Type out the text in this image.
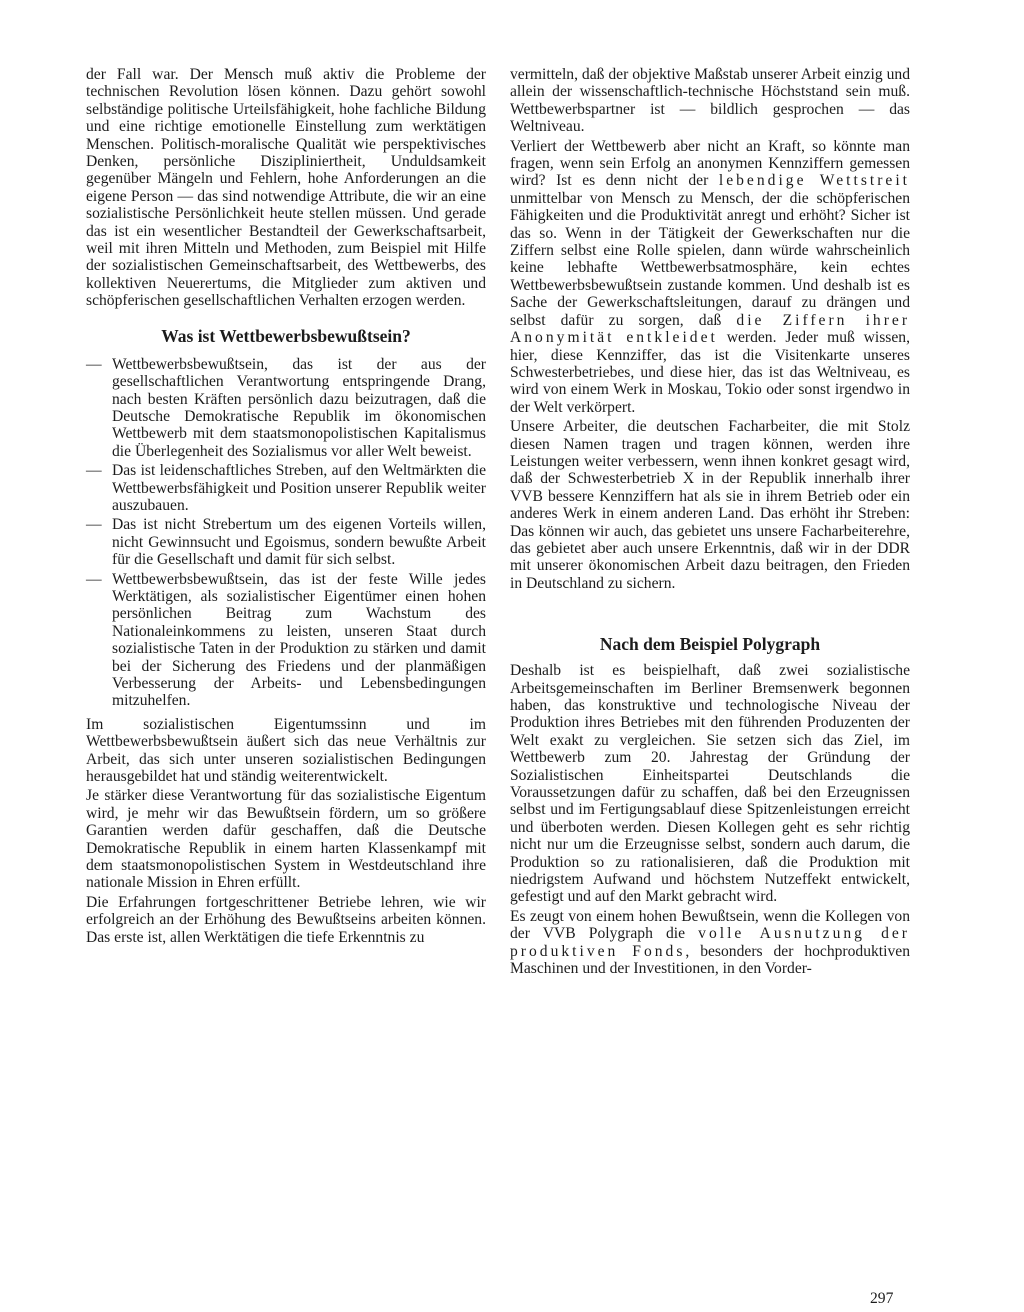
der Fall war. Der Mensch muß aktiv die Probleme der technischen Revolution lösen können. Dazu gehört sowohl selbständige politische Urteilsfähigkeit, hohe fachliche Bildung und eine richtige emotionelle Einstellung zum werktätigen Menschen. Politisch-moralische Qualität wie perspektivisches Denken, persönliche Diszipliniertheit, Unduldsamkeit gegenüber Mängeln und Fehlern, hohe Anforderungen an die eigene Person — das sind notwendige Attribute, die wir an eine sozialistische Persönlichkeit heute stellen müssen. Und gerade das ist ein wesentlicher Bestandteil der Gewerkschaftsarbeit, weil mit ihren Mitteln und Methoden, zum Beispiel mit Hilfe der sozialistischen Gemeinschaftsarbeit, des Wettbewerbs, des kollektiven Neuerertums, die Mitglieder zum aktiven und schöpferischen gesellschaftlichen Verhalten erzogen werden.

Was ist Wettbewerbsbewußtsein?
— Wettbewerbsbewußtsein, das ist der aus der gesellschaftlichen Verantwortung entspringende Drang, nach besten Kräften persönlich dazu beizutragen, daß die Deutsche Demokratische Republik im ökonomischen Wettbewerb mit dem staatsmonopolistischen Kapitalismus die Überlegenheit des Sozialismus vor aller Welt beweist.
— Das ist leidenschaftliches Streben, auf den Weltmärkten die Wettbewerbsfähigkeit und Position unserer Republik weiter auszubauen.
— Das ist nicht Strebertum um des eigenen Vorteils willen, nicht Gewinnsucht und Egoismus, sondern bewußte Arbeit für die Gesellschaft und damit für sich selbst.
— Wettbewerbsbewußtsein, das ist der feste Wille jedes Werktätigen, als sozialistischer Eigentümer einen hohen persönlichen Beitrag zum Wachstum des Nationaleinkommens zu leisten, unseren Staat durch sozialistische Taten in der Produktion zu stärken und damit bei der Sicherung des Friedens und der planmäßigen Verbesserung der Arbeits- und Lebensbedingungen mitzuhelfen.

Im sozialistischen Eigentumssinn und im Wettbewerbsbewußtsein äußert sich das neue Verhältnis zur Arbeit, das sich unter unseren sozialistischen Bedingungen herausgebildet hat und ständig weiterentwickelt.

Je stärker diese Verantwortung für das sozialistische Eigentum wird, je mehr wir das Bewußtsein fördern, um so größere Garantien werden dafür geschaffen, daß die Deutsche Demokratische Republik in einem harten Klassenkampf mit dem staatsmonopolistischen System in Westdeutschland ihre nationale Mission in Ehren erfüllt.

Die Erfahrungen fortgeschrittener Betriebe lehren, wie wir erfolgreich an der Erhöhung des Bewußtseins arbeiten können. Das erste ist, allen Werktätigen die tiefe Erkenntnis zu

vermitteln, daß der objektive Maßstab unserer Arbeit einzig und allein der wissenschaftlich-technische Höchststand sein muß. Wettbewerbspartner ist — bildlich gesprochen — das Weltniveau.

Verliert der Wettbewerb aber nicht an Kraft, so könnte man fragen, wenn sein Erfolg an anonymen Kennziffern gemessen wird? Ist es denn nicht der lebendige Wettstreit unmittelbar von Mensch zu Mensch, der die schöpferischen Fähigkeiten und die Produktivität anregt und erhöht? Sicher ist das so. Wenn in der Tätigkeit der Gewerkschaften nur die Ziffern selbst eine Rolle spielen, dann würde wahrscheinlich keine lebhafte Wettbewerbsatmosphäre, kein echtes Wettbewerbsbewußtsein zustande kommen. Und deshalb ist es Sache der Gewerkschaftsleitungen, darauf zu drängen und selbst dafür zu sorgen, daß die Ziffern ihrer Anonymität entkleidet werden. Jeder muß wissen, hier, diese Kennziffer, das ist die Visitenkarte unseres Schwesterbetriebes, und diese hier, das ist das Weltniveau, es wird von einem Werk in Moskau, Tokio oder sonst irgendwo in der Welt verkörpert.

Unsere Arbeiter, die deutschen Facharbeiter, die mit Stolz diesen Namen tragen und tragen können, werden ihre Leistungen weiter verbessern, wenn ihnen konkret gesagt wird, daß der Schwesterbetrieb X in der Republik innerhalb ihrer VVB bessere Kennziffern hat als sie in ihrem Betrieb oder ein anderes Werk in einem anderen Land. Das erhöht ihr Streben: Das können wir auch, das gebietet uns unsere Facharbeiterehre, das gebietet aber auch unsere Erkenntnis, daß wir in der DDR mit unserer ökonomischen Arbeit dazu beitragen, den Frieden in Deutschland zu sichern.

Nach dem Beispiel Polygraph

Deshalb ist es beispielhaft, daß zwei sozialistische Arbeitsgemeinschaften im Berliner Bremsenwerk begonnen haben, das konstruktive und technologische Niveau der Produktion ihres Betriebes mit den führenden Produzenten der Welt exakt zu vergleichen. Sie setzen sich das Ziel, im Wettbewerb zum 20. Jahrestag der Gründung der Sozialistischen Einheitspartei Deutschlands die Voraussetzungen dafür zu schaffen, daß bei den Erzeugnissen selbst und im Fertigungsablauf diese Spitzenleistungen erreicht und überboten werden. Diesen Kollegen geht es sehr richtig nicht nur um die Erzeugnisse selbst, sondern auch darum, die Produktion so zu rationalisieren, daß die Produktion mit niedrigstem Aufwand und höchstem Nutzeffekt entwickelt, gefestigt und auf den Markt gebracht wird.

Es zeugt von einem hohen Bewußtsein, wenn die Kollegen von der VVB Polygraph die volle Ausnutzung der produktiven Fonds, besonders der hochproduktiven Maschinen und der Investitionen, in den Vorder-

297
